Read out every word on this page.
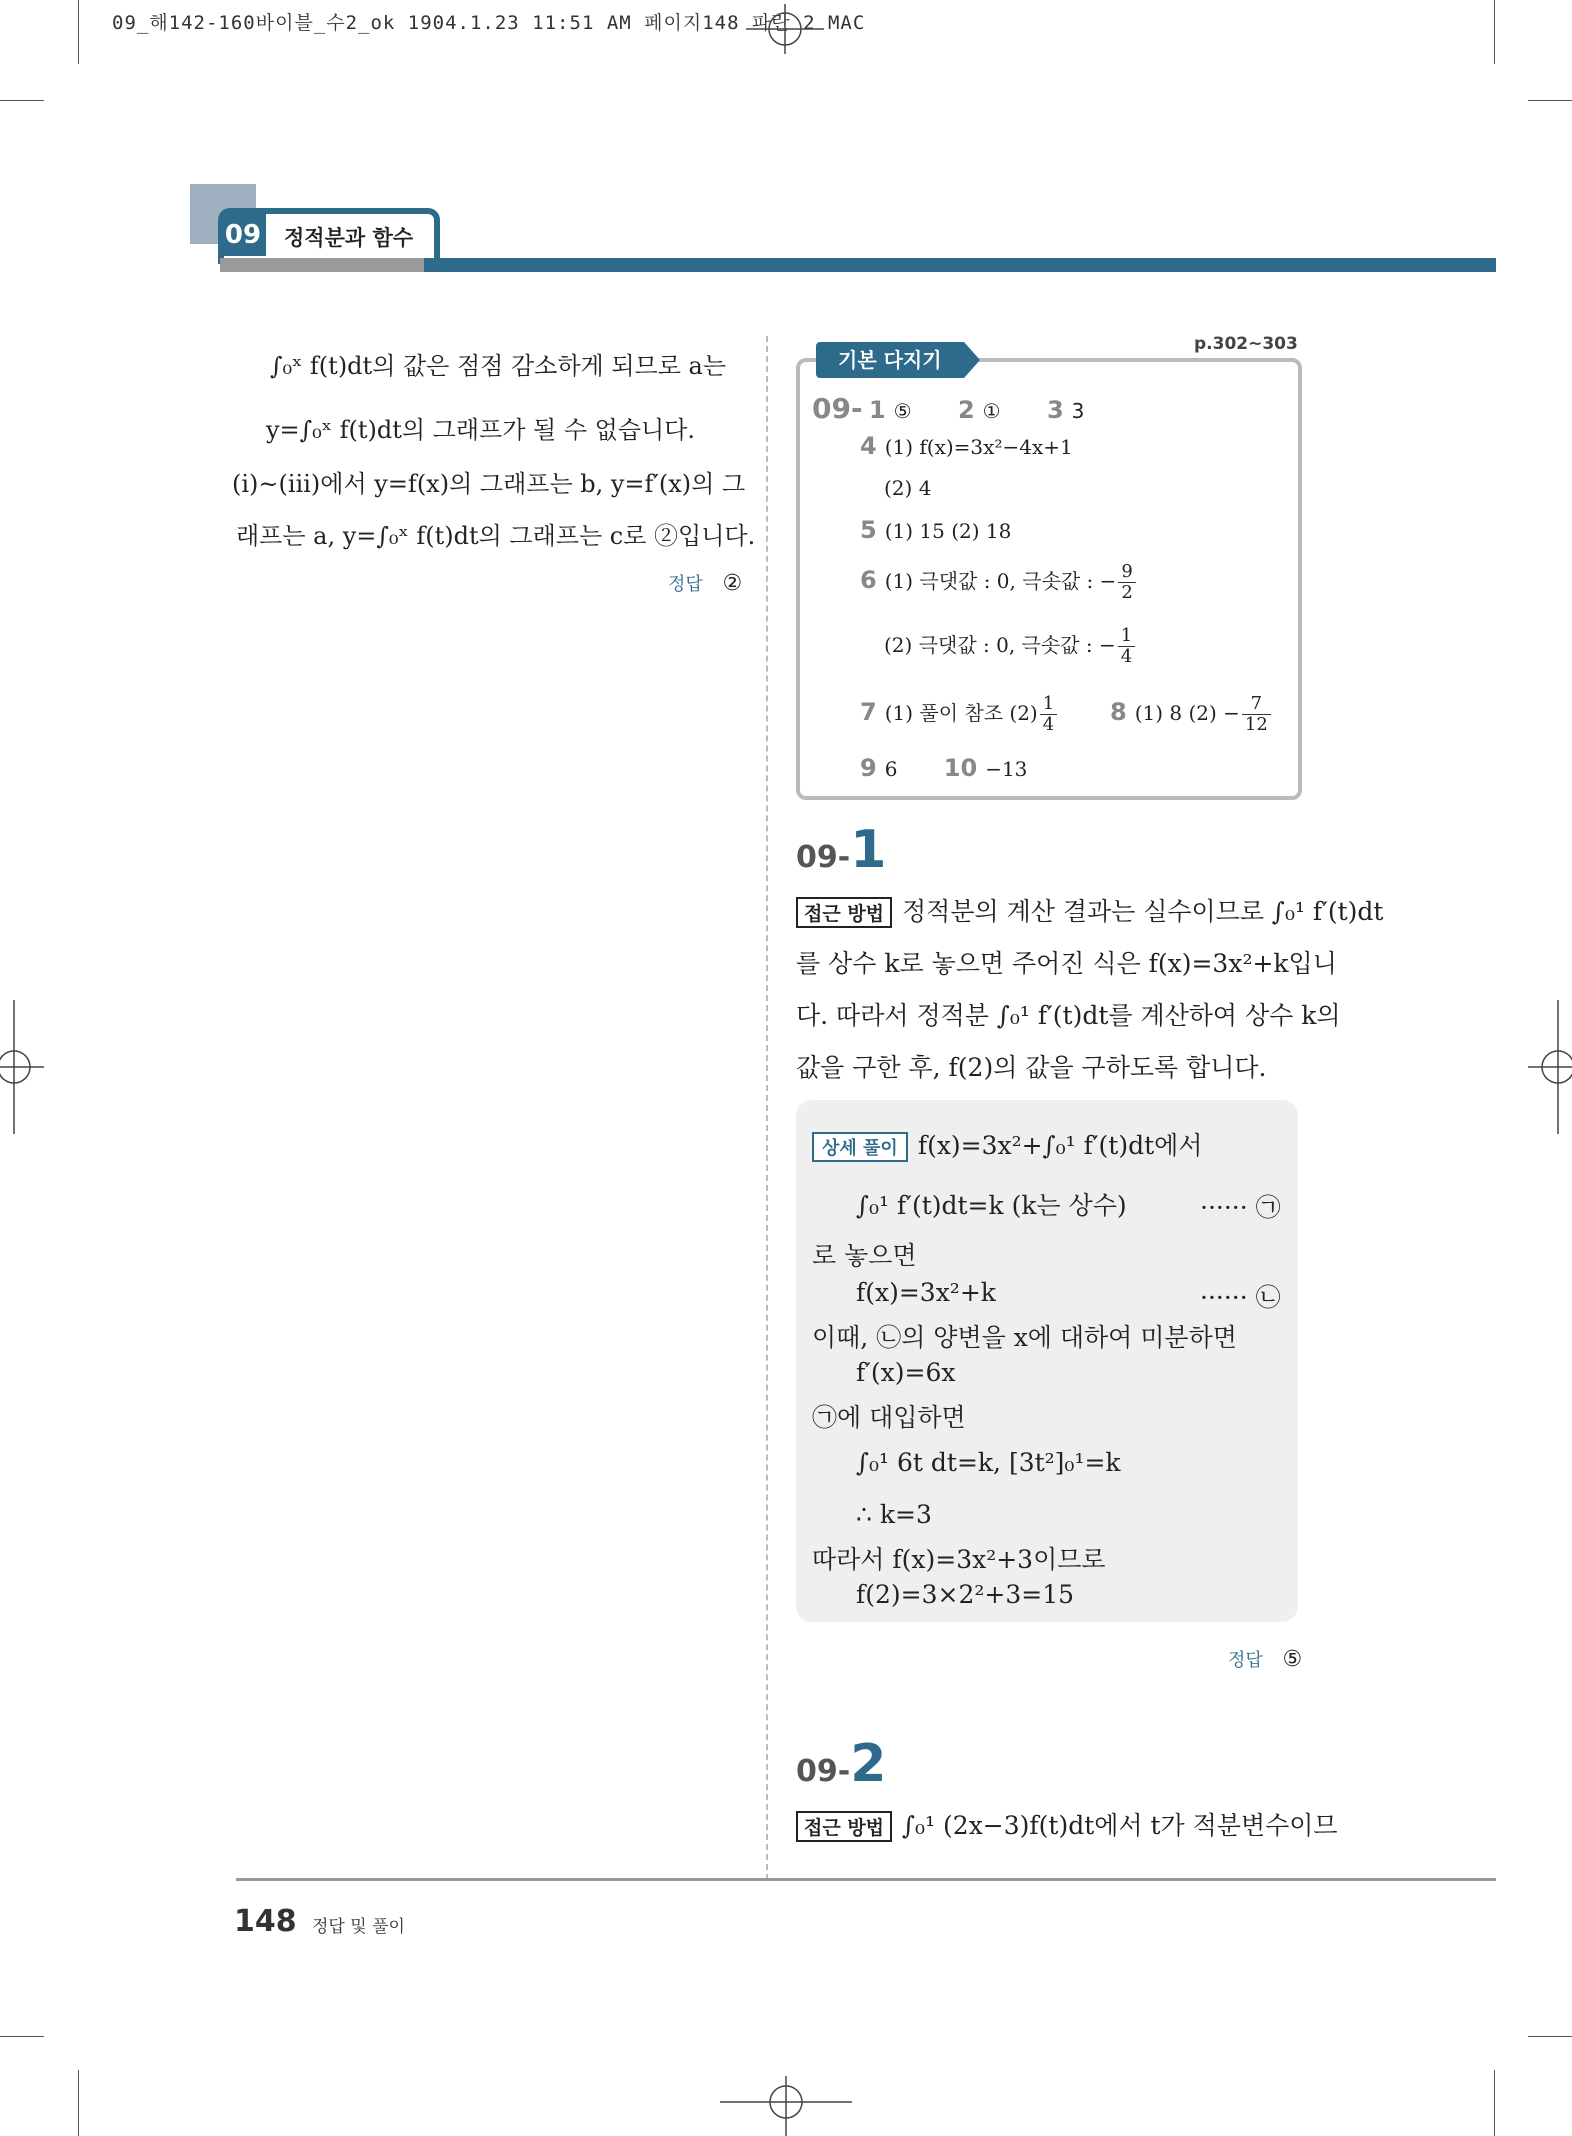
09_해142-160바이블_수2_ok 1904.1.23 11:51 AM 페이지148 파란 2 MAC
09 정적분과 함수
∫₀ˣ f(t)dt의 값은 점점 감소하게 되므로 a는
y=∫₀ˣ f(t)dt의 그래프가 될 수 없습니다.
(ⅰ)~(ⅲ)에서 y=f(x)의 그래프는 b, y=f′(x)의 그
래프는 a, y=∫₀ˣ f(t)dt의 그래프는 c로 ②입니다.
정답 ②
기본 다지기
p.302~303
09- 1 ⑤ 2 ① 3 3
4 (1) f(x)=3x²−4x+1
(2) 4
5 (1) 15 (2) 18
6 (1) 극댓값 : 0, 극솟값 : − $\frac{9}{2}$
(2) 극댓값 : 0, 극솟값 : − $\frac{1}{4}$
7 (1) 풀이 참조 $(2) \frac{1}{4} 8$ (1) 8 $(2) - \frac{7}{12}$
9 6 10 −13
09-1
접근 방법 정적분의 계산 결과는 실수이므로 ∫₀¹ f′(t)dt
를 상수 k로 놓으면 주어진 식은 f(x)=3x²+k입니
다. 따라서 정적분 ∫₀¹ f′(t)dt를 계산하여 상수 k의
값을 구한 후, f(2)의 값을 구하도록 합니다.
상세 풀이 f(x)=3x²+∫₀¹ f′(t)dt에서
∫₀¹ f′(t)dt=k (k는 상수)	······ ㉠
로 놓으면
f(x)=3x²+k	······ ㉡
이때, ㉡의 양변을 x에 대하여 미분하면
f′(x)=6x
㉠에 대입하면
∫₀¹ 6t dt=k, [3t²]₀¹=k
∴ k=3
따라서 f(x)=3x²+3이므로
f(2)=3×2²+3=15
정답 ⑤
09-2
접근 방법 ∫₀¹ (2x−3)f(t)dt에서 t가 적분변수이므
148 정답 및 풀이
